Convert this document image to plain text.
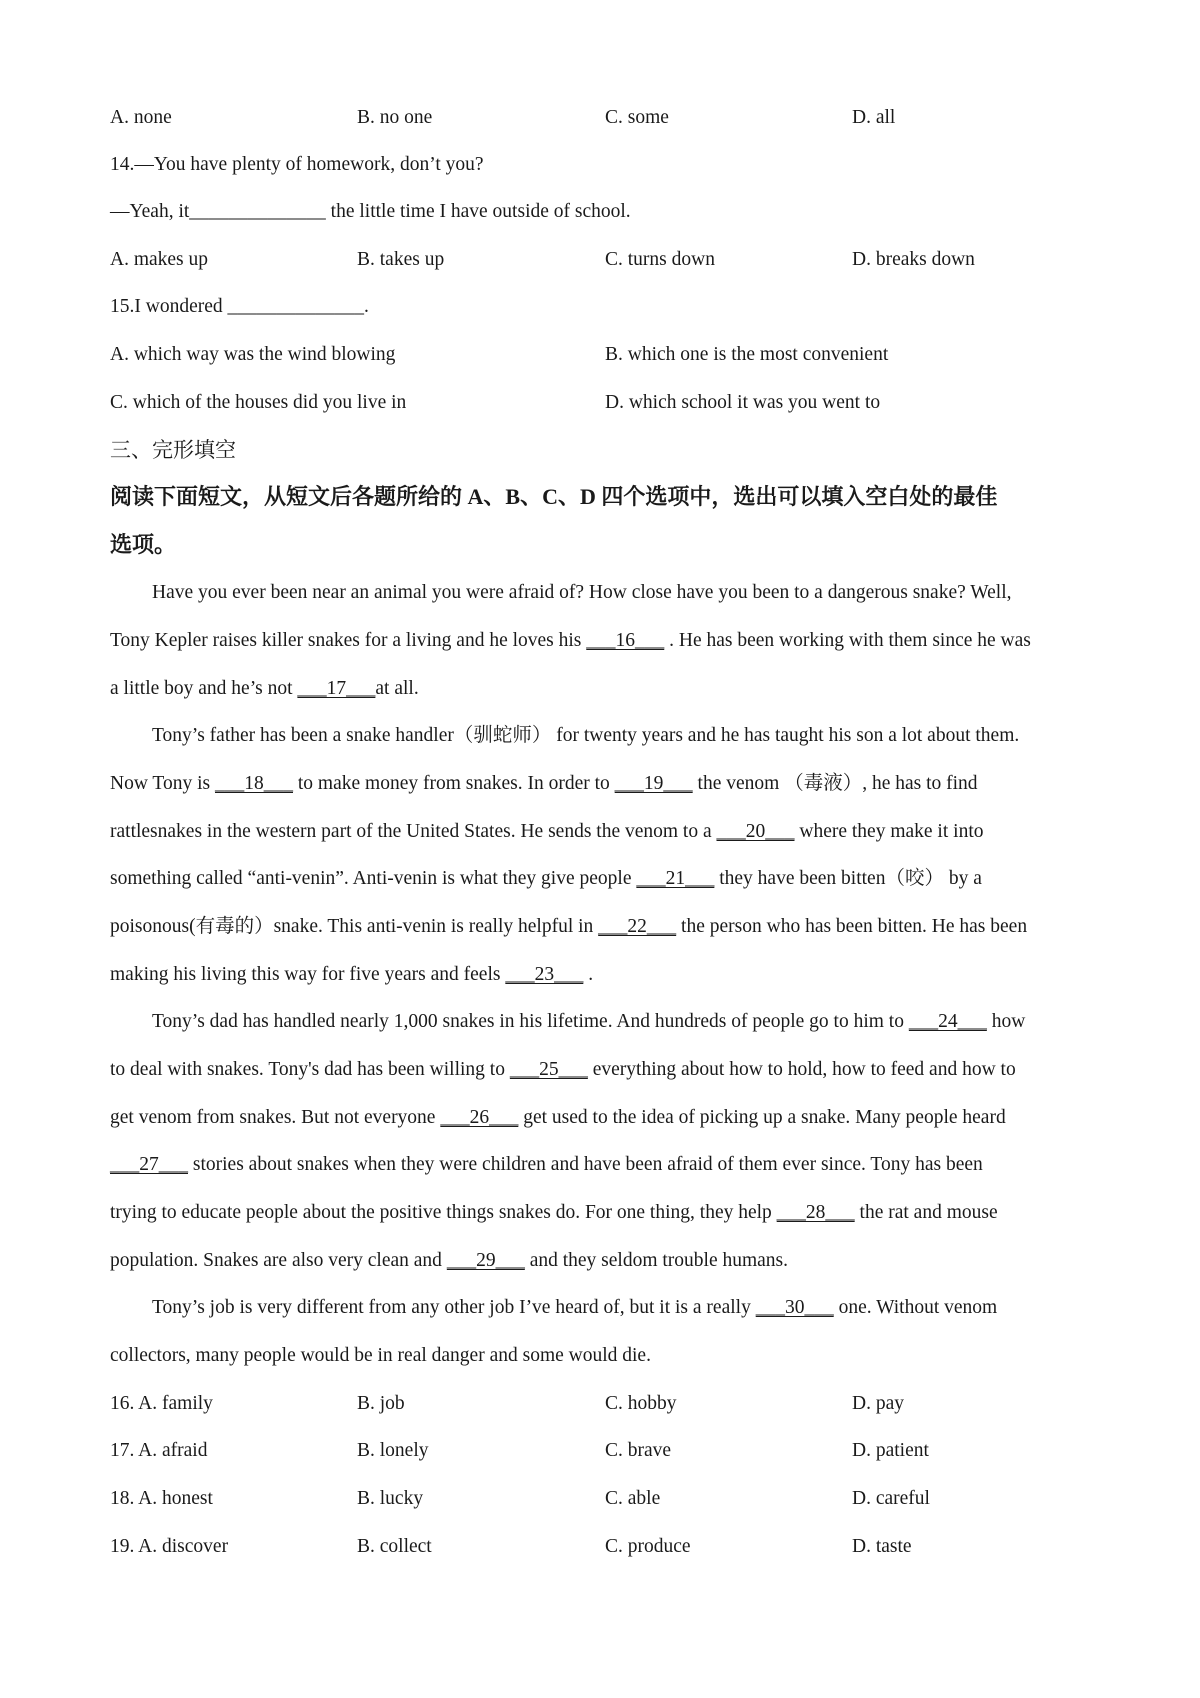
A. none	B. no one	C. some	D. all
14.—You have plenty of homework, don’t you?
—Yeah, it______________ the little time I have outside of school.
A. makes up	B. takes up	C. turns down	D. breaks down
15.I wondered ______________.
A. which way was the wind blowing	B. which one is the most convenient
C. which of the houses did you live in	D. which school it was you went to
三、完形填空
阅读下面短文，从短文后各题所给的 A、B、C、D 四个选项中，选出可以填入空白处的最佳
选项。
Have you ever been near an animal you were afraid of? How close have you been to a dangerous snake? Well,
Tony Kepler raises killer snakes for a living and he loves his ___16___ . He has been working with them since he was
a little boy and he’s not ___17___at all.
Tony’s father has been a snake handler（驯蛇师） for twenty years and he has taught his son a lot about them.
Now Tony is ___18___ to make money from snakes. In order to ___19___ the venom （毒液）, he has to find
rattlesnakes in the western part of the United States. He sends the venom to a ___20___ where they make it into
something called “anti-venin”. Anti-venin is what they give people ___21___ they have been bitten（咬） by a
poisonous(有毒的）snake. This anti-venin is really helpful in ___22___ the person who has been bitten. He has been
making his living this way for five years and feels ___23___ .
Tony’s dad has handled nearly 1,000 snakes in his lifetime. And hundreds of people go to him to ___24___ how
to deal with snakes. Tony's dad has been willing to ___25___ everything about how to hold, how to feed and how to
get venom from snakes. But not everyone ___26___ get used to the idea of picking up a snake. Many people heard
___27___ stories about snakes when they were children and have been afraid of them ever since. Tony has been
trying to educate people about the positive things snakes do. For one thing, they help ___28___ the rat and mouse
population. Snakes are also very clean and ___29___ and they seldom trouble humans.
Tony’s job is very different from any other job I’ve heard of, but it is a really ___30___ one. Without venom
collectors, many people would be in real danger and some would die.
16. A. family	B. job	C. hobby	D. pay
17. A. afraid	B. lonely	C. brave	D. patient
18. A. honest	B. lucky	C. able	D. careful
19. A. discover	B. collect	C. produce	D. taste
